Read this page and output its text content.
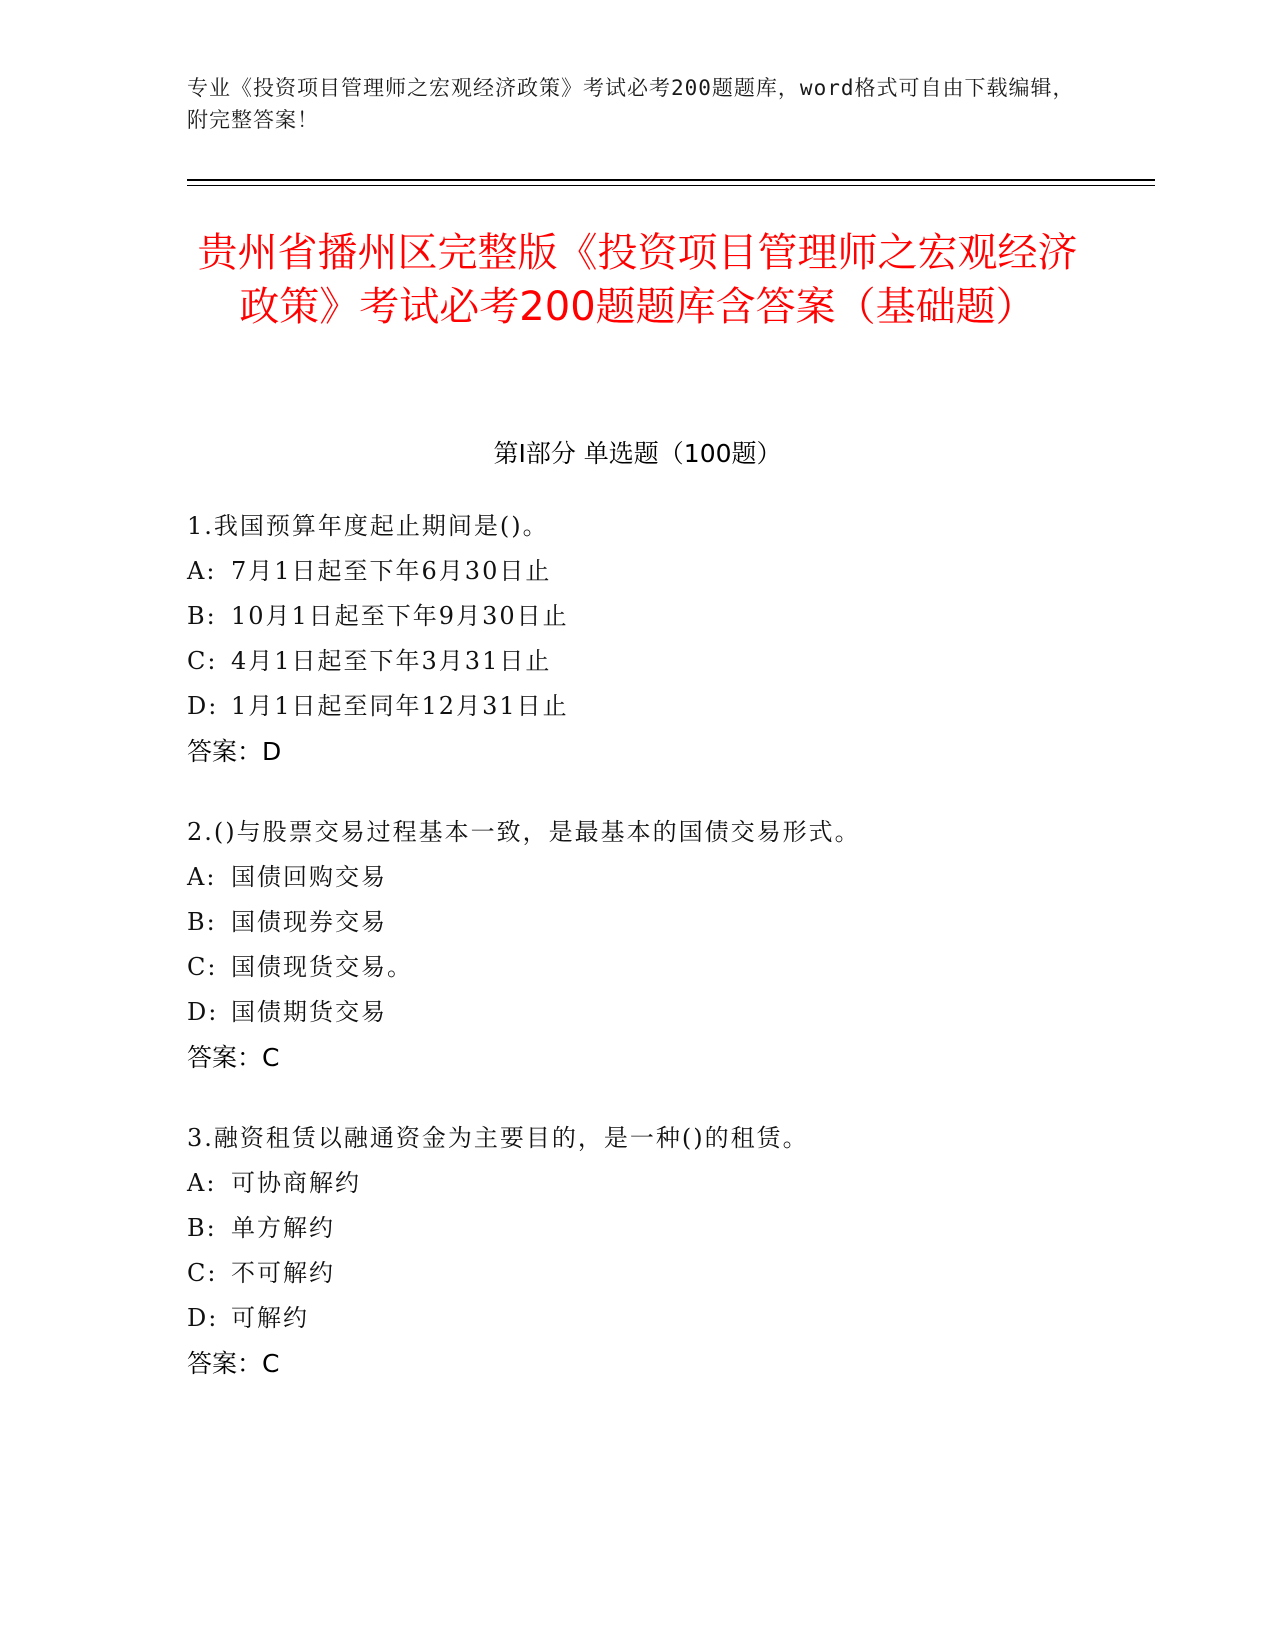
专业《投资项目管理师之宏观经济政策》考试必考200题题库，word格式可自由下载编辑，附完整答案！
贵州省播州区完整版《投资项目管理师之宏观经济政策》考试必考200题题库含答案（基础题）
第Ⅰ部分 单选题（100题）
1.我国预算年度起止期间是()。
A: 7月1日起至下年6月30日止
B: 10月1日起至下年9月30日止
C: 4月1日起至下年3月31日止
D: 1月1日起至同年12月31日止
答案：D
2.()与股票交易过程基本一致，是最基本的国债交易形式。
A: 国债回购交易
B: 国债现券交易
C: 国债现货交易。
D: 国债期货交易
答案：C
3.融资租赁以融通资金为主要目的，是一种()的租赁。
A: 可协商解约
B: 单方解约
C: 不可解约
D: 可解约
答案：C
